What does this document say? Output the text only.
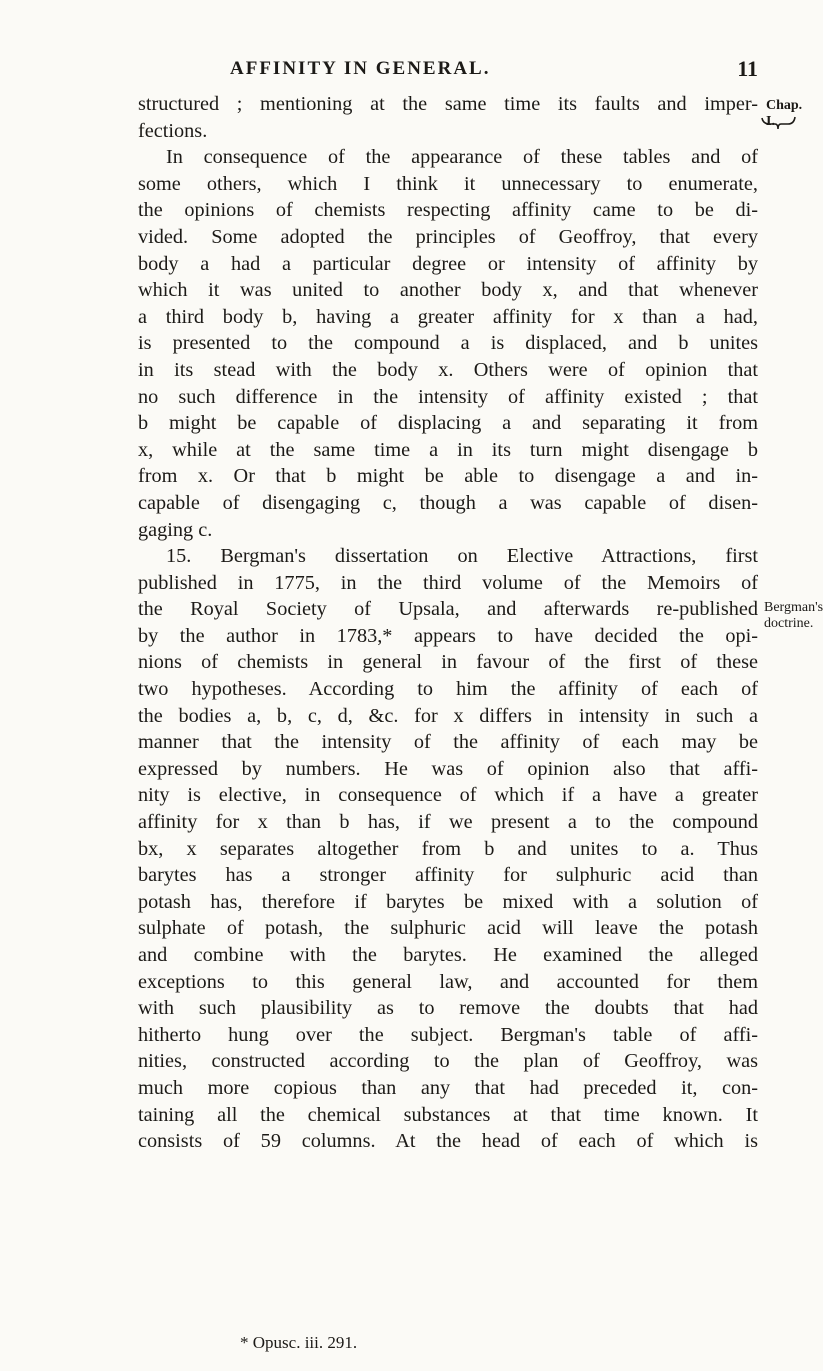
AFFINITY IN GENERAL.	11
Chap. I.
Bergman's doctrine.
structured ; mentioning at the same time its faults and imper-
fections.
In consequence of the appearance of these tables and of
some others, which I think it unnecessary to enumerate,
the opinions of chemists respecting affinity came to be di-
vided. Some adopted the principles of Geoffroy, that every
body a had a particular degree or intensity of affinity by
which it was united to another body x, and that whenever
a third body b, having a greater affinity for x than a had,
is presented to the compound a is displaced, and b unites
in its stead with the body x. Others were of opinion that
no such difference in the intensity of affinity existed ; that
b might be capable of displacing a and separating it from
x, while at the same time a in its turn might disengage b
from x. Or that b might be able to disengage a and in-
capable of disengaging c, though a was capable of disen-
gaging c.
15. Bergman's dissertation on Elective Attractions, first
published in 1775, in the third volume of the Memoirs of
the Royal Society of Upsala, and afterwards re-published
by the author in 1783,* appears to have decided the opi-
nions of chemists in general in favour of the first of these
two hypotheses. According to him the affinity of each of
the bodies a, b, c, d, &c. for x differs in intensity in such a
manner that the intensity of the affinity of each may be
expressed by numbers. He was of opinion also that affi-
nity is elective, in consequence of which if a have a greater
affinity for x than b has, if we present a to the compound
bx, x separates altogether from b and unites to a. Thus
barytes has a stronger affinity for sulphuric acid than
potash has, therefore if barytes be mixed with a solution of
sulphate of potash, the sulphuric acid will leave the potash
and combine with the barytes. He examined the alleged
exceptions to this general law, and accounted for them
with such plausibility as to remove the doubts that had
hitherto hung over the subject. Bergman's table of affi-
nities, constructed according to the plan of Geoffroy, was
much more copious than any that had preceded it, con-
taining all the chemical substances at that time known. It
consists of 59 columns. At the head of each of which is
* Opusc. iii. 291.
